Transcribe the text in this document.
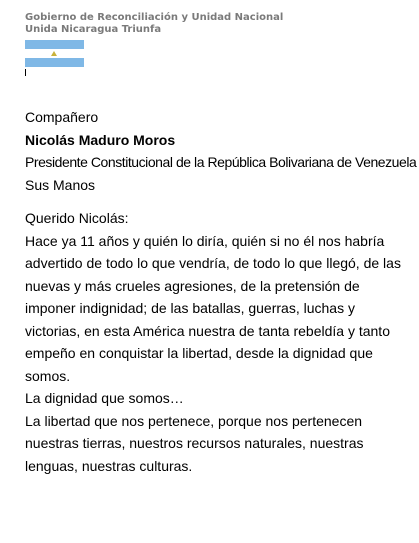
Gobierno de Reconciliación y Unidad Nacional
Unida Nicaragua Triunfa

Compañero

Nicolás Maduro Moros

Presidente Constitucional de la República Bolivariana de Venezuela

Sus Manos

Querido Nicolás:

Hace ya 11 años y quién lo diría, quién si no él nos habría advertido de todo lo que vendría, de todo lo que llegó, de las nuevas y más crueles agresiones, de la pretensión de imponer indignidad; de las batallas, guerras, luchas y victorias, en esta América nuestra de tanta rebeldía y tanto empeño en conquistar la libertad, desde la dignidad que somos.

La dignidad que somos…

La libertad que nos pertenece, porque nos pertenecen nuestras tierras, nuestros recursos naturales, nuestras lenguas, nuestras culturas.
